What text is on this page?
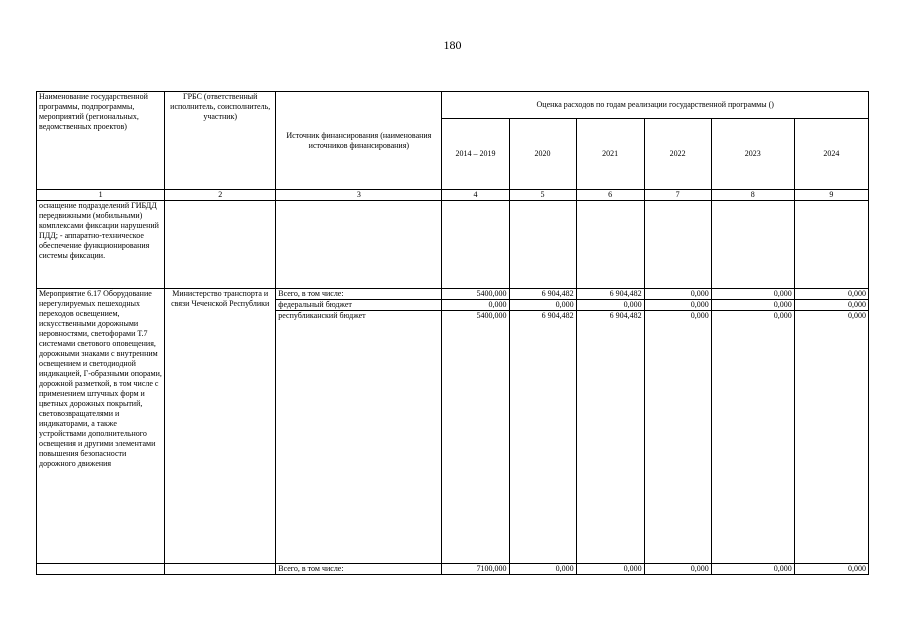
180
Наименование государственной программы, подпрограммы, мероприятий (региональных, ведомственных проектов)	ГРБС (ответственный исполнитель, соисполнитель, участник)	Источник финансирования (наименования источников финансирования)	Оценка расходов по годам реализации государственной программы ()					
			2014 – 2019	2020	2021	2022	2023	2024
1	2	3	4	5	6	7	8	9
оснащение подразделений ГИБДД передвижными (мобильными) комплексами фиксации нарушений ПДД; - аппаратно-техническое обеспечение функционирования системы фиксации.								
Мероприятие 6.17 Оборудование нерегулируемых пешеходных переходов освещением, искусственными дорожными неровностями, светофорами Т.7 системами светового оповещения, дорожными знаками с внутренним освещением и светодиодной индикацией, Г-образными опорами, дорожной разметкой, в том числе с применением штучных форм и цветных дорожных покрытий, световозвращателями и индикаторами, а также устройствами дополнительного освещения и другими элементами повышения безопасности дорожного движения	Министерство транспорта и связи Чеченской Республики	Всего, в том числе:	5400,000	6 904,482	6 904,482	0,000	0,000	0,000
		федеральный бюджет	0,000	0,000	0,000	0,000	0,000	0,000
		республиканский бюджет	5400,000	6 904,482	6 904,482	0,000	0,000	0,000
		Всего, в том числе:	7100,000	0,000	0,000	0,000	0,000	0,000
